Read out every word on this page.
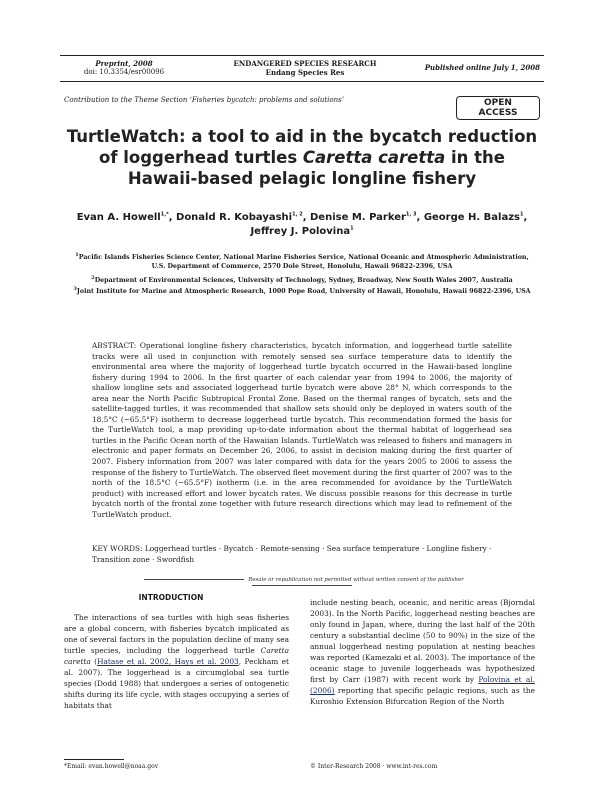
Preprint, 2008
doi: 10.3354/esr00096
ENDANGERED SPECIES RESEARCH
Endang Species Res
Published online July 1, 2008
Contribution to the Theme Section ‘Fisheries bycatch: problems and solutions’	OPEN
ACCESS
TurtleWatch: a tool to aid in the bycatch reduction
of loggerhead turtles Caretta caretta in the
Hawaii-based pelagic longline fishery
Evan A. Howell$^{1,*}$, Donald R. Kobayashi$^{1, 2}$, Denise M. Parker$^{1, 3}$, George H. Balazs$^1$,
Jeffrey J. Polovina$^1$
$^1$Pacific Islands Fisheries Science Center, National Marine Fisheries Service, National Oceanic and Atmospheric Administration,
U.S. Department of Commerce, 2570 Dole Street, Honolulu, Hawaii 96822-2396, USA
$^2$Department of Environmental Sciences, University of Technology, Sydney, Broadway, New South Wales 2007, Australia
$^3$Joint Institute for Marine and Atmospheric Research, 1000 Pope Road, University of Hawaii, Honolulu, Hawaii 96822-2396, USA
ABSTRACT: Operational longline fishery characteristics, bycatch information, and loggerhead turtle satellite tracks were all used in conjunction with remotely sensed sea surface temperature data to identify the environmental area where the majority of loggerhead turtle bycatch occurred in the Hawaii-based longline fishery during 1994 to 2006. In the first quarter of each calendar year from 1994 to 2006, the majority of shallow longline sets and associated loggerhead turtle bycatch were above 28° N, which corresponds to the area near the North Pacific Subtropical Frontal Zone. Based on the thermal ranges of bycatch, sets and the satellite-tagged turtles, it was recommended that shallow sets should only be deployed in waters south of the 18.5°C (~65.5°F) isotherm to decrease loggerhead turtle bycatch. This recommendation formed the basis for the TurtleWatch tool, a map providing up-to-date information about the thermal habitat of loggerhead sea turtles in the Pacific Ocean north of the Hawaiian Islands. TurtleWatch was released to fishers and managers in electronic and paper formats on December 26, 2006, to assist in decision making during the first quarter of 2007. Fishery information from 2007 was later compared with data for the years 2005 to 2006 to assess the response of the fishery to TurtleWatch. The observed fleet movement during the first quarter of 2007 was to the north of the 18.5°C (~65.5°F) isotherm (i.e. in the area recommended for avoidance by the TurtleWatch product) with increased effort and lower bycatch rates. We discuss possible reasons for this decrease in turtle bycatch north of the frontal zone together with future research directions which may lead to refinement of the TurtleWatch product.
KEY WORDS: Loggerhead turtles · Bycatch · Remote-sensing · Sea surface temperature · Longline fishery · Transition zone · Swordfish
Resale or republication not permitted without written consent of the publisher
INTRODUCTION

The interactions of sea turtles with high seas fisheries are a global concern, with fisheries bycatch implicated as one of several factors in the population decline of many sea turtle species, including the loggerhead turtle Caretta caretta (Hatase et al. 2002, Hays et al. 2003, Peckham et al. 2007). The loggerhead is a circumglobal sea turtle species (Dodd 1988) that undergoes a series of ontogenetic shifts during its life cycle, with stages occupying a series of habitats that

include nesting beach, oceanic, and neritic areas (Bjorndal 2003). In the North Pacific, loggerhead nesting beaches are only found in Japan, where, during the last half of the 20th century a substantial decline (50 to 90%) in the size of the annual loggerhead nesting population at nesting beaches was reported (Kamezaki et al. 2003). The importance of the oceanic stage to juvenile loggerheads was hypothesized first by Carr (1987) with recent work by Polovina et al. (2006) reporting that specific pelagic regions, such as the Kuroshio Extension Bifurcation Region of the North

*Email: evan.howell@noaa.gov	© Inter-Research 2008 · www.int-res.com
